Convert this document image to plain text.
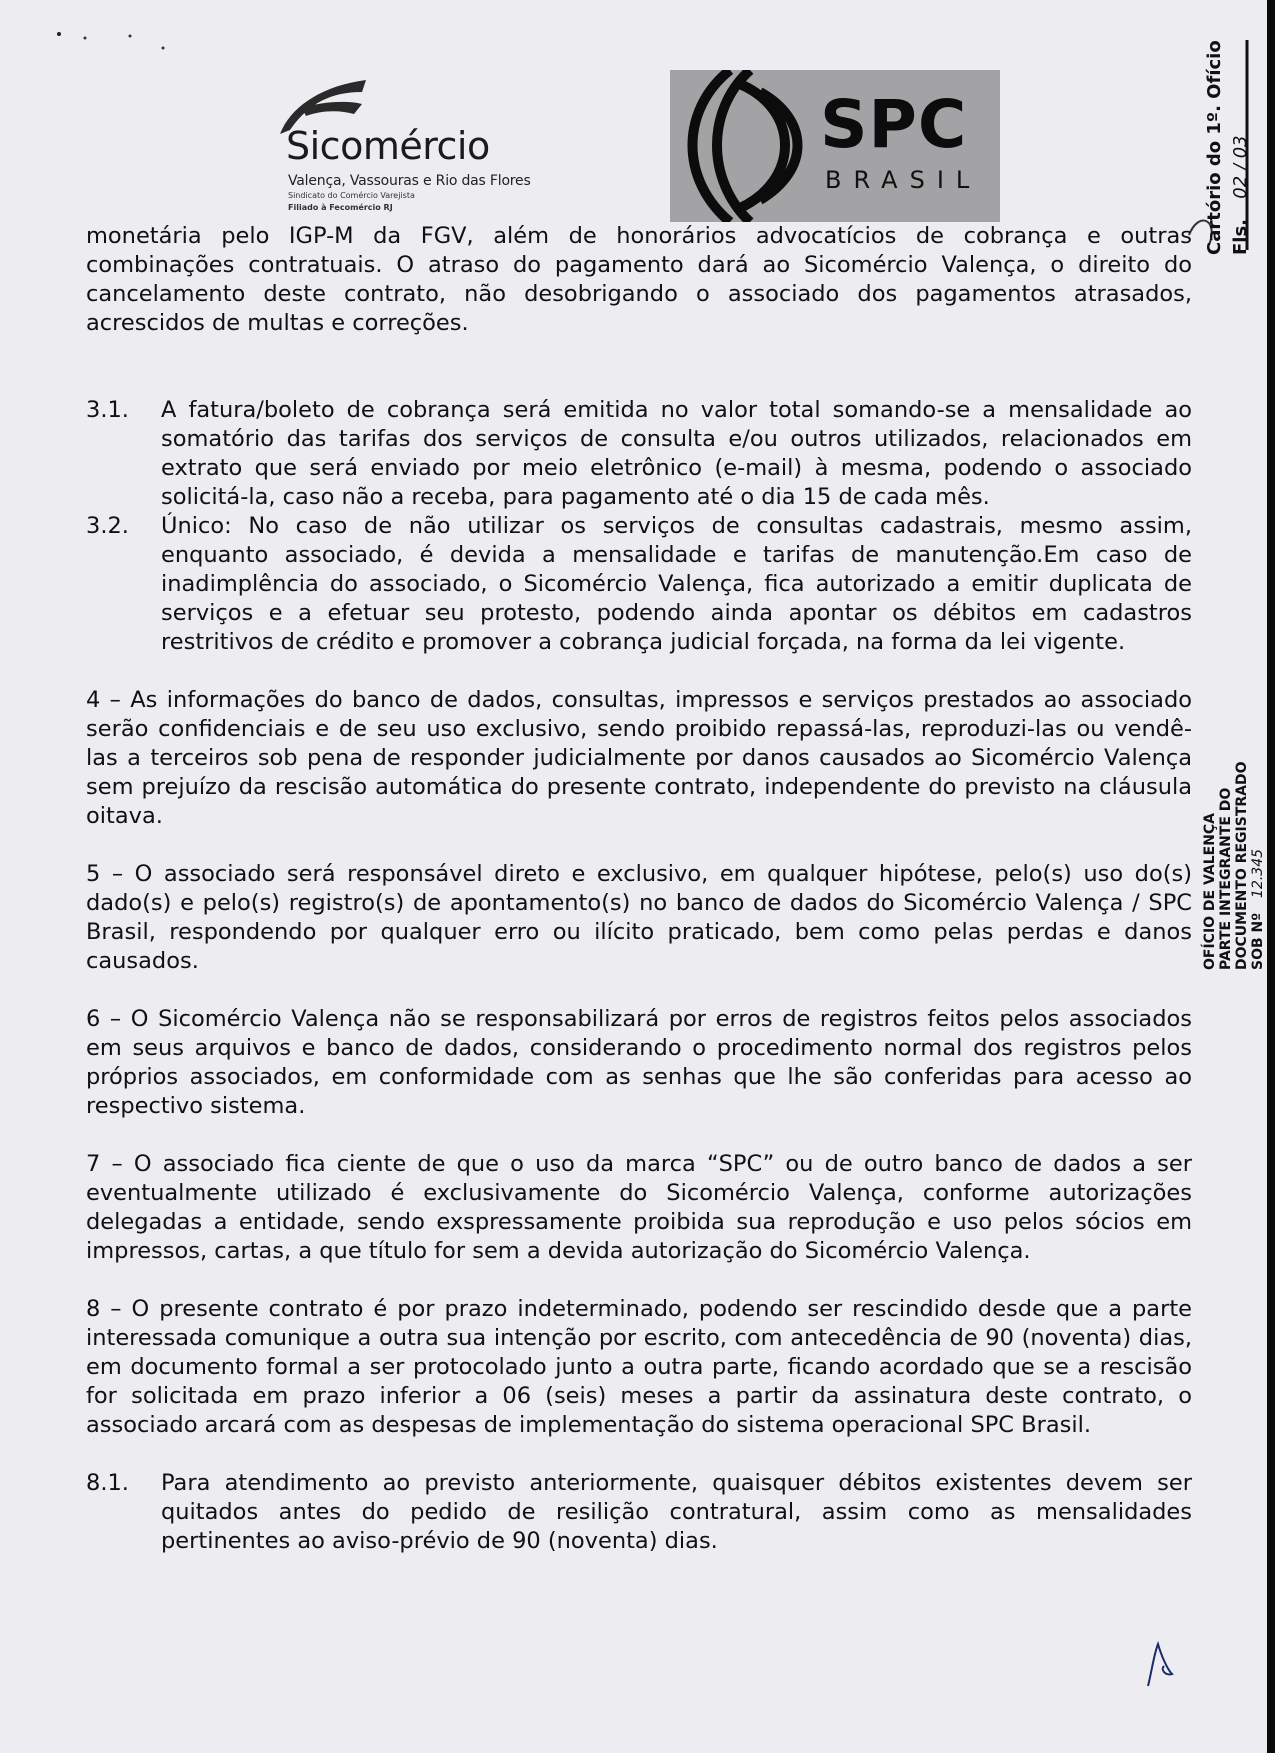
Sicomércio
Valença, Vassouras e Rio das Flores
Sindicato do Comércio Varejista
Filiado à Fecomércio RJ
SPC
BRASIL	Cartório do 1º. Ofício Fls. 02 / 03
OFÍCIO DE VALENÇA PARTE INTEGRANTE DO DOCUMENTO REGISTRADO SOB Nº 12.345

monetária pelo IGP-M da FGV, além de honorários advocatícios de cobrança e outras combinações contratuais. O atraso do pagamento dará ao Sicomércio Valença, o direito do cancelamento deste contrato, não desobrigando o associado dos pagamentos atrasados, acrescidos de multas e correções.

3.1.	A fatura/boleto de cobrança será emitida no valor total somando-se a mensalidade ao somatório das tarifas dos serviços de consulta e/ou outros utilizados, relacionados em extrato que será enviado por meio eletrônico (e-mail) à mesma, podendo o associado solicitá-la, caso não a receba, para pagamento até o dia 15 de cada mês.
3.2.	Único: No caso de não utilizar os serviços de consultas cadastrais, mesmo assim, enquanto associado, é devida a mensalidade e tarifas de manutenção.Em caso de inadimplência do associado, o Sicomércio Valença, fica autorizado a emitir duplicata de serviços e a efetuar seu protesto, podendo ainda apontar os débitos em cadastros restritivos de crédito e promover a cobrança judicial forçada, na forma da lei vigente.

4 – As informações do banco de dados, consultas, impressos e serviços prestados ao associado serão confidenciais e de seu uso exclusivo, sendo proibido repassá-las, reproduzi-las ou vendê-las a terceiros sob pena de responder judicialmente por danos causados ao Sicomércio Valença sem prejuízo da rescisão automática do presente contrato, independente do previsto na cláusula oitava.

5 – O associado será responsável direto e exclusivo, em qualquer hipótese, pelo(s) uso do(s) dado(s) e pelo(s) registro(s) de apontamento(s) no banco de dados do Sicomércio Valença / SPC Brasil, respondendo por qualquer erro ou ilícito praticado, bem como pelas perdas e danos causados.

6 – O Sicomércio Valença não se responsabilizará por erros de registros feitos pelos associados em seus arquivos e banco de dados, considerando o procedimento normal dos registros pelos próprios associados, em conformidade com as senhas que lhe são conferidas para acesso ao respectivo sistema.

7 – O associado fica ciente de que o uso da marca “SPC” ou de outro banco de dados a ser eventualmente utilizado é exclusivamente do Sicomércio Valença, conforme autorizações delegadas a entidade, sendo exspressamente proibida sua reprodução e uso pelos sócios em impressos, cartas, a que título for sem a devida autorização do Sicomércio Valença.

8 – O presente contrato é por prazo indeterminado, podendo ser rescindido desde que a parte interessada comunique a outra sua intenção por escrito, com antecedência de 90 (noventa) dias, em documento formal a ser protocolado junto a outra parte, ficando acordado que se a rescisão for solicitada em prazo inferior a 06 (seis) meses a partir da assinatura deste contrato, o associado arcará com as despesas de implementação do sistema operacional SPC Brasil.

8.1.	Para atendimento ao previsto anteriormente, quaisquer débitos existentes devem ser quitados antes do pedido de resilição contratural, assim como as mensalidades pertinentes ao aviso-prévio de 90 (noventa) dias.
